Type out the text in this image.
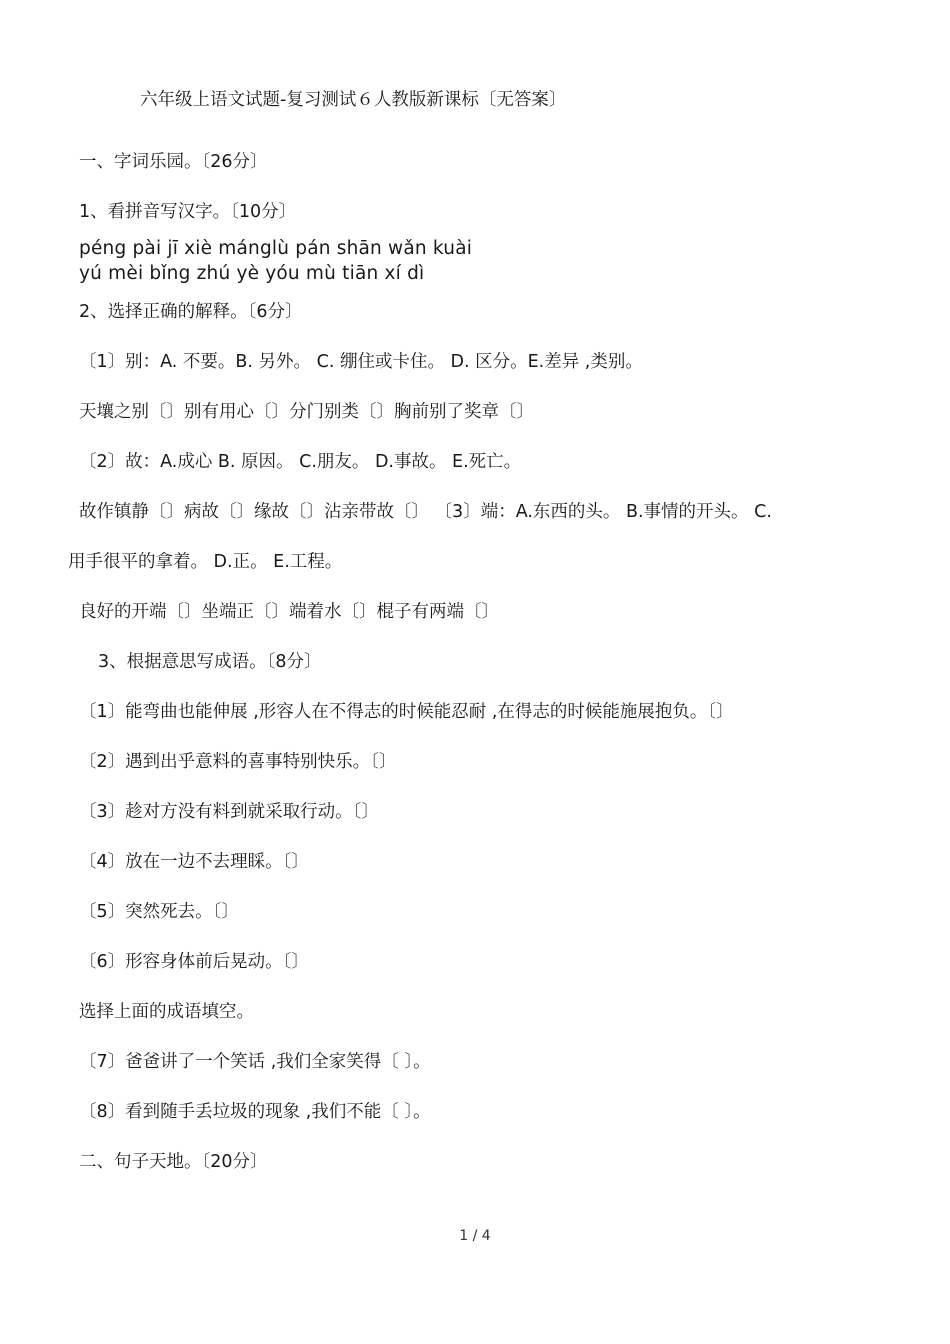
六年级上语文试题-复习测试６人教版新课标〔无答案〕
一、字词乐园。〔26分〕
1、看拼音写汉字。〔10分〕
péng pài jī xiè mánglù pán shān wǎn kuài
yú mèi bǐng zhú yè yóu mù tiān xí dì
2、选择正确的解释。〔6分〕
〔1〕别：A. 不要。B. 另外。 C. 绷住或卡住。 D. 区分。E.差异 ,类别。
天壤之别〔〕别有用心〔〕分门别类〔〕胸前别了奖章〔〕
〔2〕故：A.成心 B. 原因。 C.朋友。 D.事故。 E.死亡。
故作镇静〔〕病故〔〕缘故〔〕沾亲带故〔〕 〔3〕端：A.东西的头。 B.事情的开头。 C.
用手很平的拿着。 D.正。 E.工程。
良好的开端〔〕坐端正〔〕端着水〔〕棍子有两端〔〕
3、根据意思写成语。〔8分〕
〔1〕能弯曲也能伸展 ,形容人在不得志的时候能忍耐 ,在得志的时候能施展抱负。〔〕
〔2〕遇到出乎意料的喜事特别快乐。〔〕
〔3〕趁对方没有料到就采取行动。〔〕
〔4〕放在一边不去理睬。〔〕
〔5〕突然死去。〔〕
〔6〕形容身体前后晃动。〔〕
选择上面的成语填空。
〔7〕爸爸讲了一个笑话 ,我们全家笑得〔 〕。
〔8〕看到随手丢垃圾的现象 ,我们不能〔 〕。
二、句子天地。〔20分〕
1 / 4
